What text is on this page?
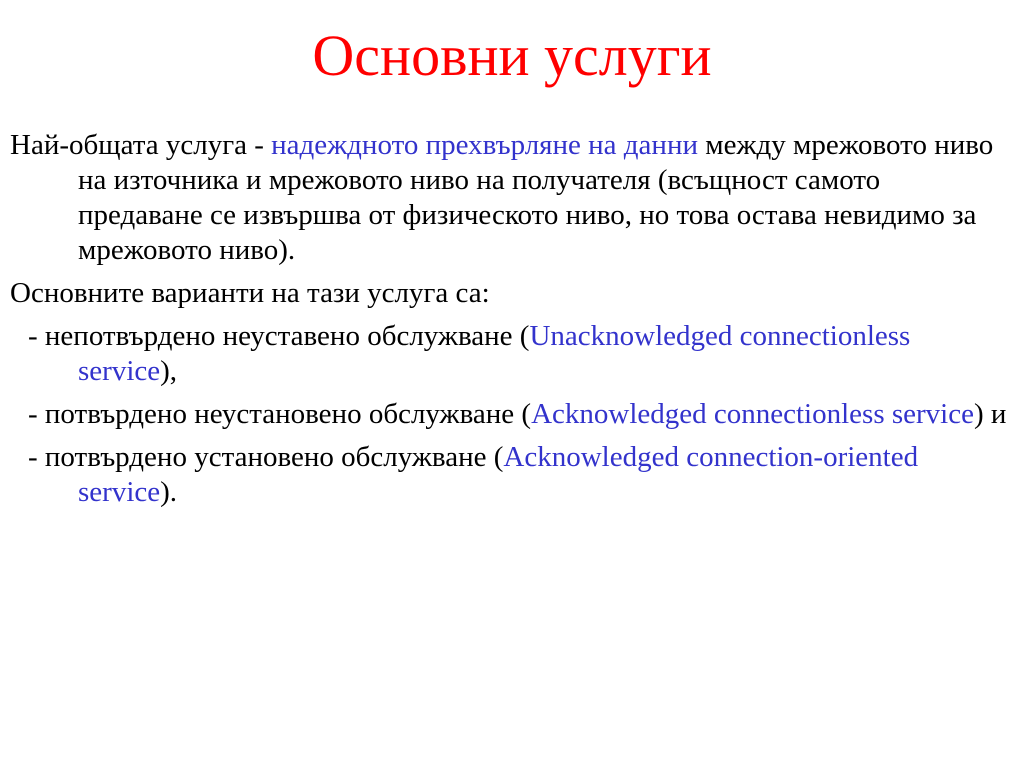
Основни услуги

Най-общата услуга - надеждното прехвърляне на данни между мрежовото ниво на източника и мрежовото ниво на получателя (всъщност самото предаване се извършва от физическото ниво, но това остава невидимо за мрежовото ниво).

Основните варианти на тази услуга са:

- непотвърдено неуставено обслужване (Unacknowledged connectionless service),

- потвърдено неустановено обслужване (Acknowledged connectionless service) и

- потвърдено установено обслужване (Acknowledged connection-oriented service).
